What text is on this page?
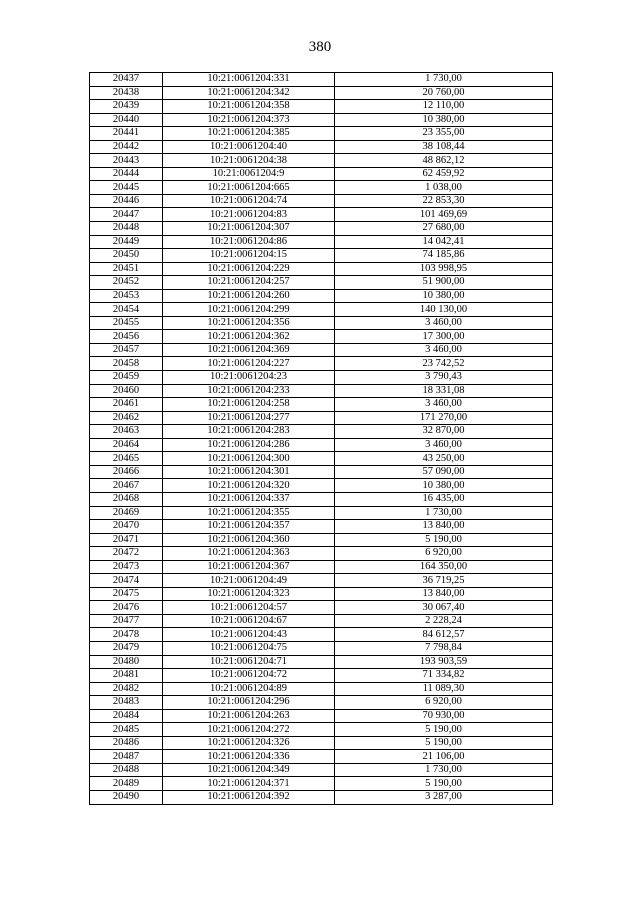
380
20437	10:21:0061204:331	1 730,00
20438	10:21:0061204:342	20 760,00
20439	10:21:0061204:358	12 110,00
20440	10:21:0061204:373	10 380,00
20441	10:21:0061204:385	23 355,00
20442	10:21:0061204:40	38 108,44
20443	10:21:0061204:38	48 862,12
20444	10:21:0061204:9	62 459,92
20445	10:21:0061204:665	1 038,00
20446	10:21:0061204:74	22 853,30
20447	10:21:0061204:83	101 469,69
20448	10:21:0061204:307	27 680,00
20449	10:21:0061204:86	14 042,41
20450	10:21:0061204:15	74 185,86
20451	10:21:0061204:229	103 998,95
20452	10:21:0061204:257	51 900,00
20453	10:21:0061204:260	10 380,00
20454	10:21:0061204:299	140 130,00
20455	10:21:0061204:356	3 460,00
20456	10:21:0061204:362	17 300,00
20457	10:21:0061204:369	3 460,00
20458	10:21:0061204:227	23 742,52
20459	10:21:0061204:23	3 790,43
20460	10:21:0061204:233	18 331,08
20461	10:21:0061204:258	3 460,00
20462	10:21:0061204:277	171 270,00
20463	10:21:0061204:283	32 870,00
20464	10:21:0061204:286	3 460,00
20465	10:21:0061204:300	43 250,00
20466	10:21:0061204:301	57 090,00
20467	10:21:0061204:320	10 380,00
20468	10:21:0061204:337	16 435,00
20469	10:21:0061204:355	1 730,00
20470	10:21:0061204:357	13 840,00
20471	10:21:0061204:360	5 190,00
20472	10:21:0061204:363	6 920,00
20473	10:21:0061204:367	164 350,00
20474	10:21:0061204:49	36 719,25
20475	10:21:0061204:323	13 840,00
20476	10:21:0061204:57	30 067,40
20477	10:21:0061204:67	2 228,24
20478	10:21:0061204:43	84 612,57
20479	10:21:0061204:75	7 798,84
20480	10:21:0061204:71	193 903,59
20481	10:21:0061204:72	71 334,82
20482	10:21:0061204:89	11 089,30
20483	10:21:0061204:296	6 920,00
20484	10:21:0061204:263	70 930,00
20485	10:21:0061204:272	5 190,00
20486	10:21:0061204:326	5 190,00
20487	10:21:0061204:336	21 106,00
20488	10:21:0061204:349	1 730,00
20489	10:21:0061204:371	5 190,00
20490	10:21:0061204:392	3 287,00
